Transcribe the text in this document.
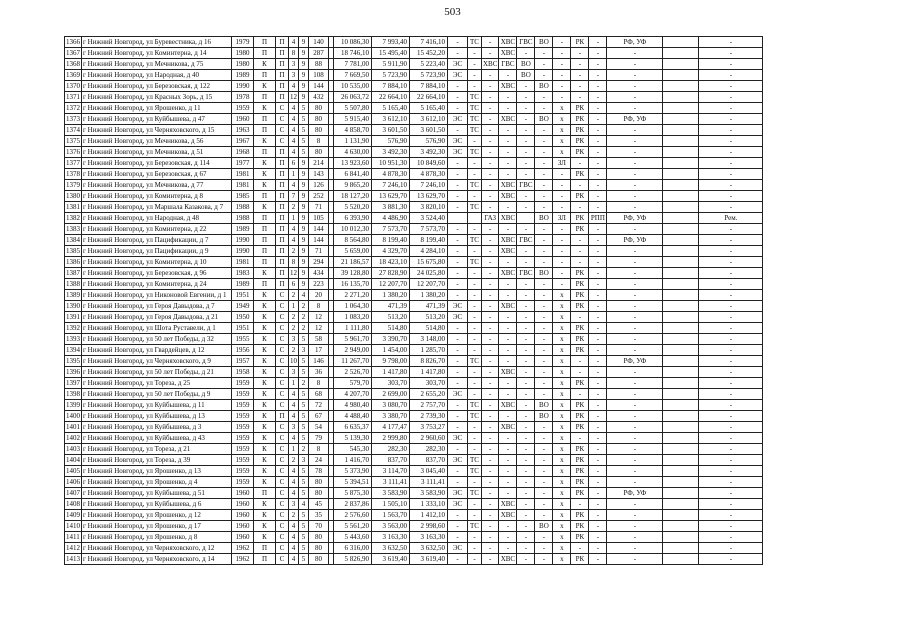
503
1366	г Нижний Новгород, ул Буревестника, д 16	1979	П	П	4	9	140		10 086,30	7 993,40	7 416,10	-	ТС	-	ХВС	ГВС	ВО	-	РК	-	РФ, УФ		-
1367	г Нижний Новгород, ул Коминтерна, д 14	1980	П	П	8	9	287		18 746,10	15 495,40	15 452,20	-	-	-	ХВС	-	-	-	-	-	-		-
1368	г Нижний Новгород, ул Мечникова, д 75	1980	К	П	3	9	88		7 781,00	5 911,90	5 223,40	ЭС	-	ХВС	ГВС	ВО	-	-	-	-	-		-
1369	г Нижний Новгород, ул Народная, д 40	1989	П	П	3	9	108		7 669,50	5 723,90	5 723,90	ЭС	-	-	-	ВО	-	-	-	-	-		-
1370	г Нижний Новгород, ул Березовская, д 122	1990	К	П	4	9	144		10 535,00	7 884,10	7 884,10	-	-	-	ХВС	-	ВО	-	-	-	-		-
1371	г Нижний Новгород, ул Красных Зорь, д 15	1978	П	П	12	9	432		26 063,72	22 664,10	22 664,10	-	ТС	-	-	-	-	-	-	-	-		-
1372	г Нижний Новгород, ул Ярошенко, д 11	1959	К	С	4	5	80		5 507,80	5 165,40	5 165,40	-	ТС	-	-	-	-	х	РК	-	-		-
1373	г Нижний Новгород, ул Куйбышева, д 47	1960	П	С	4	5	80		5 915,40	3 612,10	3 612,10	ЭС	ТС	-	ХВС	-	ВО	х	РК	-	РФ, УФ		-
1374	г Нижний Новгород, ул Черняховского, д 15	1963	П	С	4	5	80		4 858,70	3 601,50	3 601,50	-	ТС	-	-	-	-	х	РК	-	-		-
1375	г Нижний Новгород, ул Мечникова, д 56	1967	К	С	4	5	8		1 131,90	576,90	576,90	ЭС	-	-	-	-	-	х	РК	-	-		-
1376	г Нижний Новгород, ул Мечникова, д 51	1968	П	П	4	5	80		4 630,00	3 492,30	3 492,30	ЭС	ТС	-	-	-	-	х	РК	-	-		-
1377	г Нижний Новгород, ул Березовская, д 114	1977	К	П	6	9	214		13 923,60	10 951,30	10 849,60	-	-	-	-	-	-	ЗЛ	-	-	-		-
1378	г Нижний Новгород, ул Березовская, д 67	1981	К	П	1	9	143		6 841,40	4 878,30	4 878,30	-	-	-	-	-	-	-	РК	-	-		-
1379	г Нижний Новгород, ул Мечникова, д 77	1981	К	П	4	9	126		9 865,20	7 246,10	7 246,10	-	ТС	-	ХВС	ГВС	-	-	-	-	-		-
1380	г Нижний Новгород, ул Коминтерна, д 8	1985	П	П	7	9	252		18 127,20	13 629,70	13 629,70	-	-	-	ХВС	-	-	-	РК	-	-		-
1381	г Нижний Новгород, ул Маршала Казакова, д 7	1988	К	П	2	9	71		5 520,20	3 881,30	3 820,10	-	ТС	-	-	-	-	-	-	-	-		-
1382	г Нижний Новгород, ул Народная, д 48	1988	П	П	1	9	105		6 393,90	4 486,90	3 524,40			ГАЗ	ХВС		ВО	ЗЛ	РК	РПП	РФ, УФ		Рем.
1383	г Нижний Новгород, ул Коминтерна, д 22	1989	П	П	4	9	144		10 012,30	7 573,70	7 573,70	-	-	-	-	-	-	-	РК	-	-		-
1384	г Нижний Новгород, ул Пацификации, д 7	1990	П	П	4	9	144		8 564,80	8 199,40	8 199,40	-	ТС	-	ХВС	ГВС	-	-	-	-	РФ, УФ		-
1385	г Нижний Новгород, ул Пацификации, д 9	1990	П	П	2	9	71		5 659,00	4 329,70	4 284,10	-	-	-	ХВС	-	-	-	-	-	-		-
1386	г Нижний Новгород, ул Коминтерна, д 10	1981	П	П	8	9	294		21 186,57	18 423,10	15 675,80	-	ТС	-	-	-	-	-	-	-	-		-
1387	г Нижний Новгород, ул Березовская, д 96	1983	К	П	12	9	434		39 128,80	27 828,90	24 025,80	-	-	-	ХВС	ГВС	ВО	-	РК	-	-		-
1388	г Нижний Новгород, ул Коминтерна, д 24	1989	П	П	6	9	223		16 135,70	12 207,70	12 207,70	-	-	-	-	-	-	-	РК	-	-		-
1389	г Нижний Новгород, ул Никоновой Евгении, д 1	1951	К	С	2	4	20		2 271,20	1 380,20	1 380,20	-	-	-	-	-	-	х	РК	-	-		-
1390	г Нижний Новгород, ул Героя Давыдова, д 7	1949	К	С	1	2	8		1 064,30	471,39	471,39	ЭС	-	-	ХВС	-	-	х	РК	-	-		-
1391	г Нижний Новгород, ул Героя Давыдова, д 21	1950	К	С	2	2	12		1 083,20	513,20	513,20	ЭС	-	-	-	-	-	х	-	-	-		-
1392	г Нижний Новгород, ул Шота Руставели, д 1	1951	К	С	2	2	12		1 111,80	514,80	514,80	-	-	-	-	-	-	х	РК	-	-		-
1393	г Нижний Новгород, ул 50 лет Победы, д 32	1955	К	С	3	5	58		5 961,70	3 390,70	3 148,00	-	-	-	-	-	-	х	РК	-	-		-
1394	г Нижний Новгород, ул Гвардейцев, д 12	1956	К	С	2	3	17		2 949,00	1 454,00	1 285,70	-	-	-	-	-	-	х	РК	-	-		-
1395	г Нижний Новгород, ул Черняховского, д 9	1957	К	С	10	5	146		11 267,70	9 798,00	8 826,70	-	ТС	-	-	-	-	х	-	-	РФ, УФ		-
1396	г Нижний Новгород, ул 50 лет Победы, д 21	1958	К	С	3	5	36		2 526,70	1 417,80	1 417,80	-	-	-	ХВС	-	-	х	-	-	-		-
1397	г Нижний Новгород, ул Тореза, д 25	1959	К	С	1	2	8		579,70	303,70	303,70	-	-	-	-	-	-	х	РК	-	-		-
1398	г Нижний Новгород, ул 50 лет Победы, д 9	1959	К	С	4	5	68		4 207,70	2 699,00	2 655,20	ЭС	-	-	-	-	-	х	-	-	-		-
1399	г Нижний Новгород, ул Куйбышева, д 11	1959	К	С	4	5	72		4 980,40	3 080,70	2 757,70	-	ТС	-	ХВС	-	ВО	х	РК	-	-		-
1400	г Нижний Новгород, ул Куйбышева, д 13	1959	К	П	4	5	67		4 488,40	3 380,70	2 739,30	-	ТС	-	-	-	ВО	х	РК	-	-		-
1401	г Нижний Новгород, ул Куйбышева, д 3	1959	К	С	3	5	54		6 635,37	4 177,47	3 753,27	-	-	-	ХВС	-	-	х	РК	-	-		-
1402	г Нижний Новгород, ул Куйбышева, д 43	1959	К	С	4	5	79		5 139,30	2 999,80	2 960,60	ЭС	-	-	-	-	-	х	-	-	-		-
1403	г Нижний Новгород, ул Тореза, д 21	1959	К	С	1	2	8		545,30	282,30	282,30	-	-	-	-	-	-	х	РК	-	-		-
1404	г Нижний Новгород, ул Тореза, д 39	1959	К	С	2	3	24		1 416,70	837,70	837,70	ЭС	ТС	-	-	-	-	х	РК	-	-		-
1405	г Нижний Новгород, ул Ярошенко, д 13	1959	К	С	4	5	78		5 373,90	3 114,70	3 045,40	-	ТС	-	-	-	-	х	РК	-	-		-
1406	г Нижний Новгород, ул Ярошенко, д 4	1959	К	С	4	5	80		5 394,51	3 111,41	3 111,41	-	-	-	-	-	-	х	РК	-	-		-
1407	г Нижний Новгород, ул Куйбышева, д 51	1960	П	С	4	5	80		5 875,30	3 583,90	3 583,90	ЭС	ТС	-	-	-	-	х	РК	-	РФ, УФ		-
1408	г Нижний Новгород, ул Куйбышева, д 6	1960	К	С	3	4	45		2 837,86	1 505,10	1 333,10	ЭС	-	-	ХВС	-	-	х	-	-	-		-
1409	г Нижний Новгород, ул Ярошенко, д 12	1960	К	С	2	5	35		2 576,60	1 563,70	1 412,10	-	-	-	ХВС	-	-	х	РК	-	-		-
1410	г Нижний Новгород, ул Ярошенко, д 17	1960	К	С	4	5	70		5 561,20	3 563,00	2 998,60	-	ТС	-	-	-	ВО	х	РК	-	-		-
1411	г Нижний Новгород, ул Ярошенко, д 8	1960	К	С	4	5	80		5 443,60	3 163,30	3 163,30	-	-	-	-	-	-	х	РК	-	-		-
1412	г Нижний Новгород, ул Черняховского, д 12	1962	П	С	4	5	80		6 316,00	3 632,50	3 632,50	ЭС	-	-	-	-	-	х	-	-	-		-
1413	г Нижний Новгород, ул Черняховского, д 14	1962	П	С	4	5	80		5 826,90	3 619,40	3 619,40	-	-	-	ХВС	-	-	х	РК	-	-		-
